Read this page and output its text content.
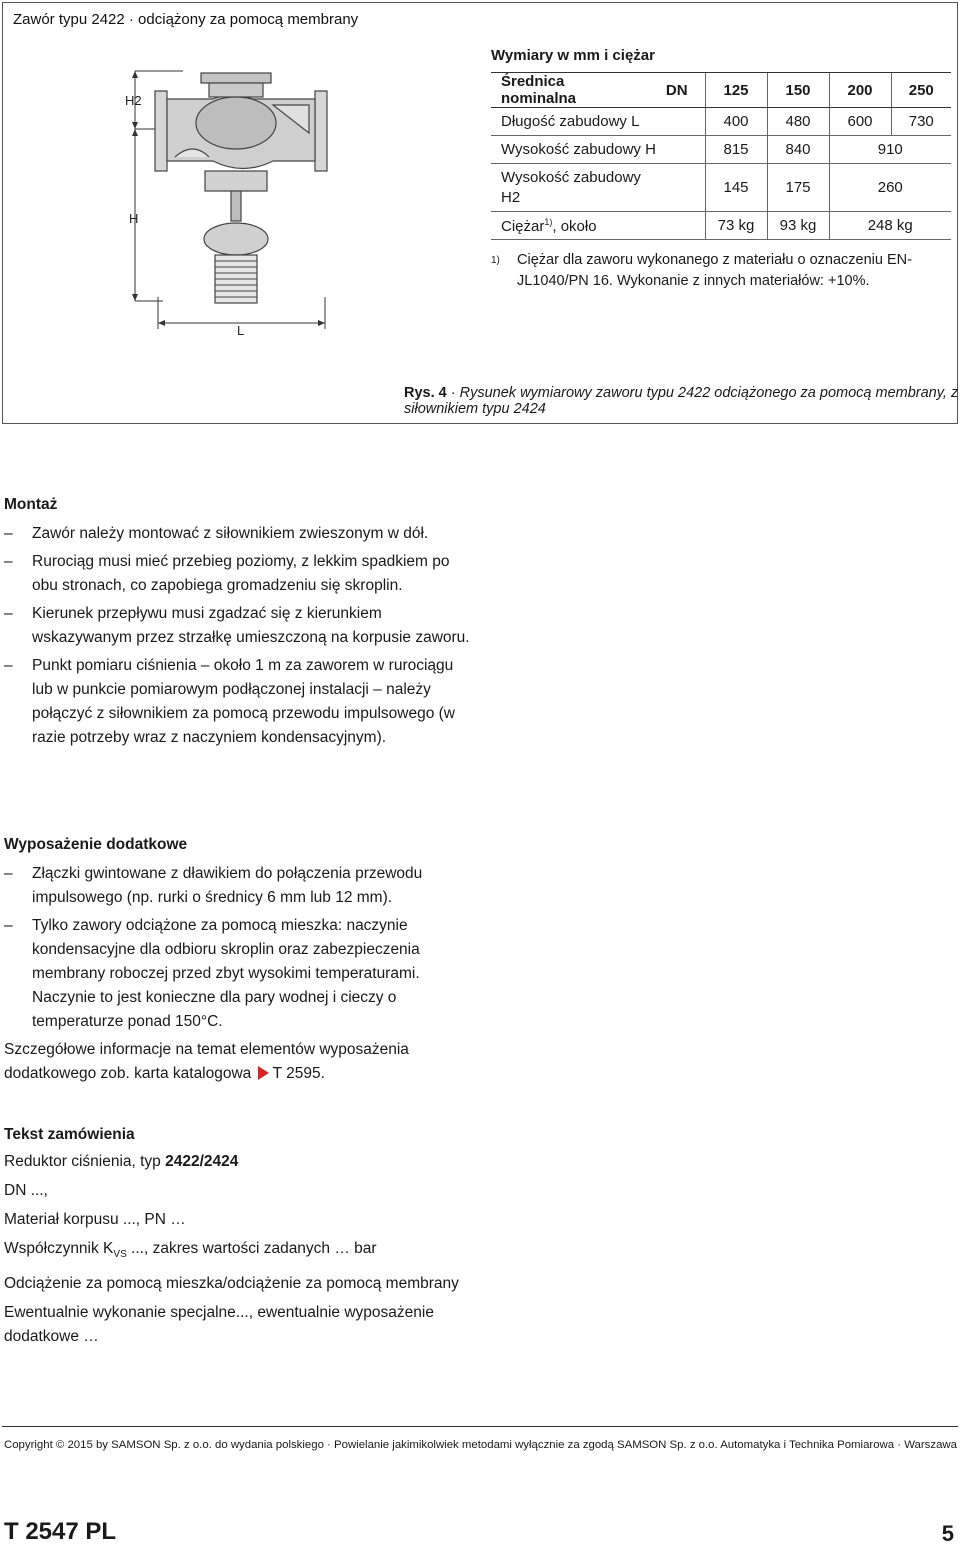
Zawór typu 2422 · odciążony za pomocą membrany
H2
H
L
Wymiary w mm i ciężar
Średnica nominalna	DN	125	150	200	250
Długość zabudowy L		400	480	600	730
Wysokość zabudowy H		815	840	910	
Wysokość zabudowy
H2		145	175	260	
Ciężar$^{1)}$, około		73 kg	93 kg	248 kg	
1)	Ciężar dla zaworu wykonanego z materiału o oznaczeniu EN-JL1040/PN 16. Wykonanie z innych materiałów: +10%.
Rys. 4 · Rysunek wymiarowy zaworu typu 2422 odciążonego za pomocą membrany, z siłownikiem typu 2424
Montaż
– Zawór należy montować z siłownikiem zwieszonym w dół.
– Rurociąg musi mieć przebieg poziomy, z lekkim spadkiem po obu stronach, co zapobiega gromadzeniu się skroplin.
– Kierunek przepływu musi zgadzać się z kierunkiem wskazywanym przez strzałkę umieszczoną na korpusie zaworu.
– Punkt pomiaru ciśnienia – około 1 m za zaworem w rurociągu lub w punkcie pomiarowym podłączonej instalacji – należy połączyć z siłownikiem za pomocą przewodu impulsowego (w razie potrzeby wraz z naczyniem kondensacyjnym).
Wyposażenie dodatkowe
– Złączki gwintowane z dławikiem do połączenia przewodu impulsowego (np. rurki o średnicy 6 mm lub 12 mm).
– Tylko zawory odciążone za pomocą mieszka: naczynie kondensacyjne dla odbioru skroplin oraz zabezpieczenia membrany roboczej przed zbyt wysokimi temperaturami. Naczynie to jest konieczne dla pary wodnej i cieczy o temperaturze ponad 150°C.

Szczegółowe informacje na temat elementów wyposażenia dodatkowego zob. karta katalogowa T 2595.

Tekst zamówienia

Reduktor ciśnienia, typ 2422/2424

DN ...,

Materiał korpusu ..., PN …

Współczynnik $K_{VS}$ ..., zakres wartości zadanych … bar

Odciążenie za pomocą mieszka/odciążenie za pomocą membrany

Ewentualnie wykonanie specjalne..., ewentualnie wyposażenie dodatkowe …

Copyright © 2015 by SAMSON Sp. z o.o. do wydania polskiego · Powielanie jakimikolwiek metodami wyłącznie za zgodą SAMSON Sp. z o.o. Automatyka i Technika Pomiarowa · Warszawa
T 2547 PL	5
